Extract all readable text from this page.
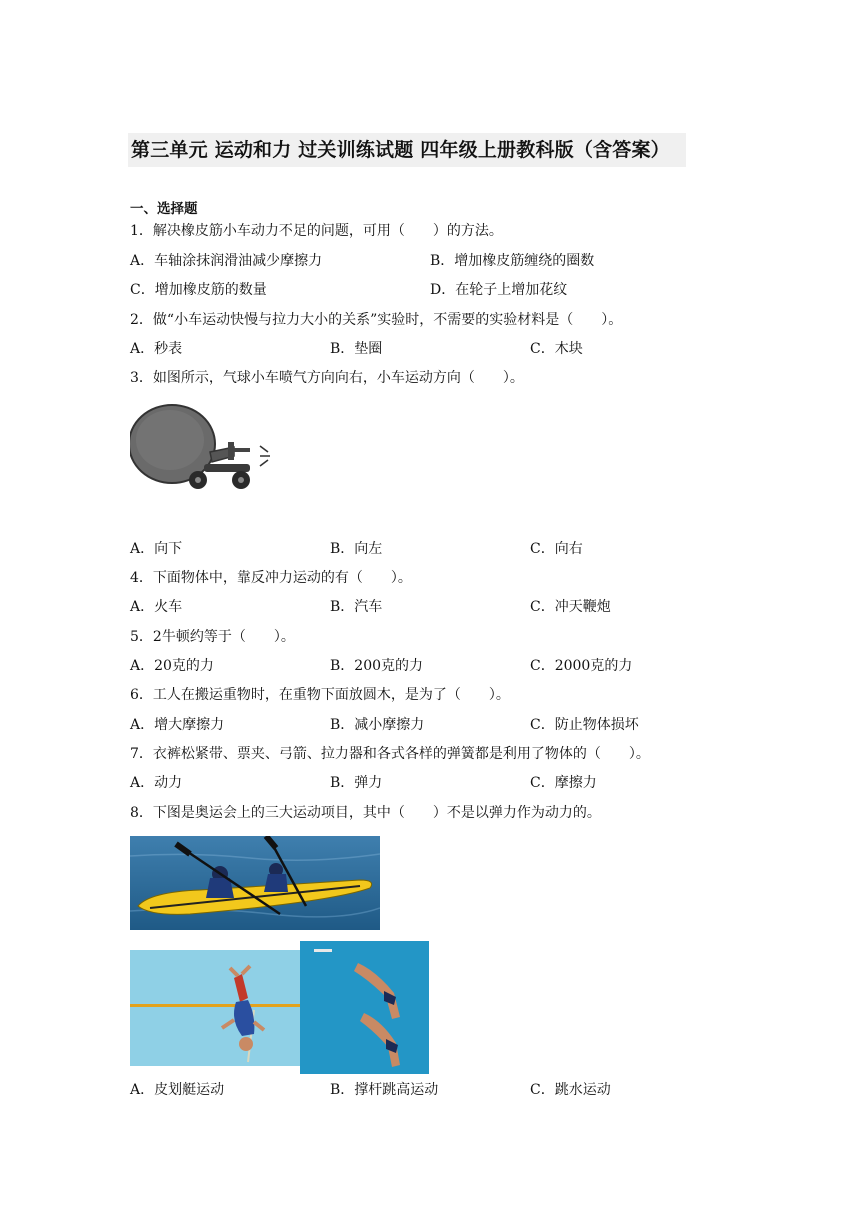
第三单元 运动和力 过关训练试题 四年级上册教科版（含答案）
一、选择题
1．解决橡皮筋小车动力不足的问题，可用（　　）的方法。
A．车轴涂抹润滑油减少摩擦力	B．增加橡皮筋缠绕的圈数
C．增加橡皮筋的数量	D．在轮子上增加花纹
2．做“小车运动快慢与拉力大小的关系”实验时，不需要的实验材料是（　　）。
A．秒表	B．垫圈	C．木块
3．如图所示，气球小车喷气方向向右，小车运动方向（　　）。
A．向下	B．向左	C．向右
4．下面物体中，靠反冲力运动的有（　　）。
A．火车	B．汽车	C．冲天鞭炮
5．2牛顿约等于（　　）。
A．20克的力	B．200克的力	C．2000克的力
6．工人在搬运重物时，在重物下面放圆木，是为了（　　）。
A．增大摩擦力	B．减小摩擦力	C．防止物体损坏
7．衣裤松紧带、票夹、弓箭、拉力器和各式各样的弹簧都是利用了物体的（　　）。
A．动力	B．弹力	C．摩擦力
8．下图是奥运会上的三大运动项目，其中（　　）不是以弹力作为动力的。
A．皮划艇运动	B．撑杆跳高运动	C．跳水运动
